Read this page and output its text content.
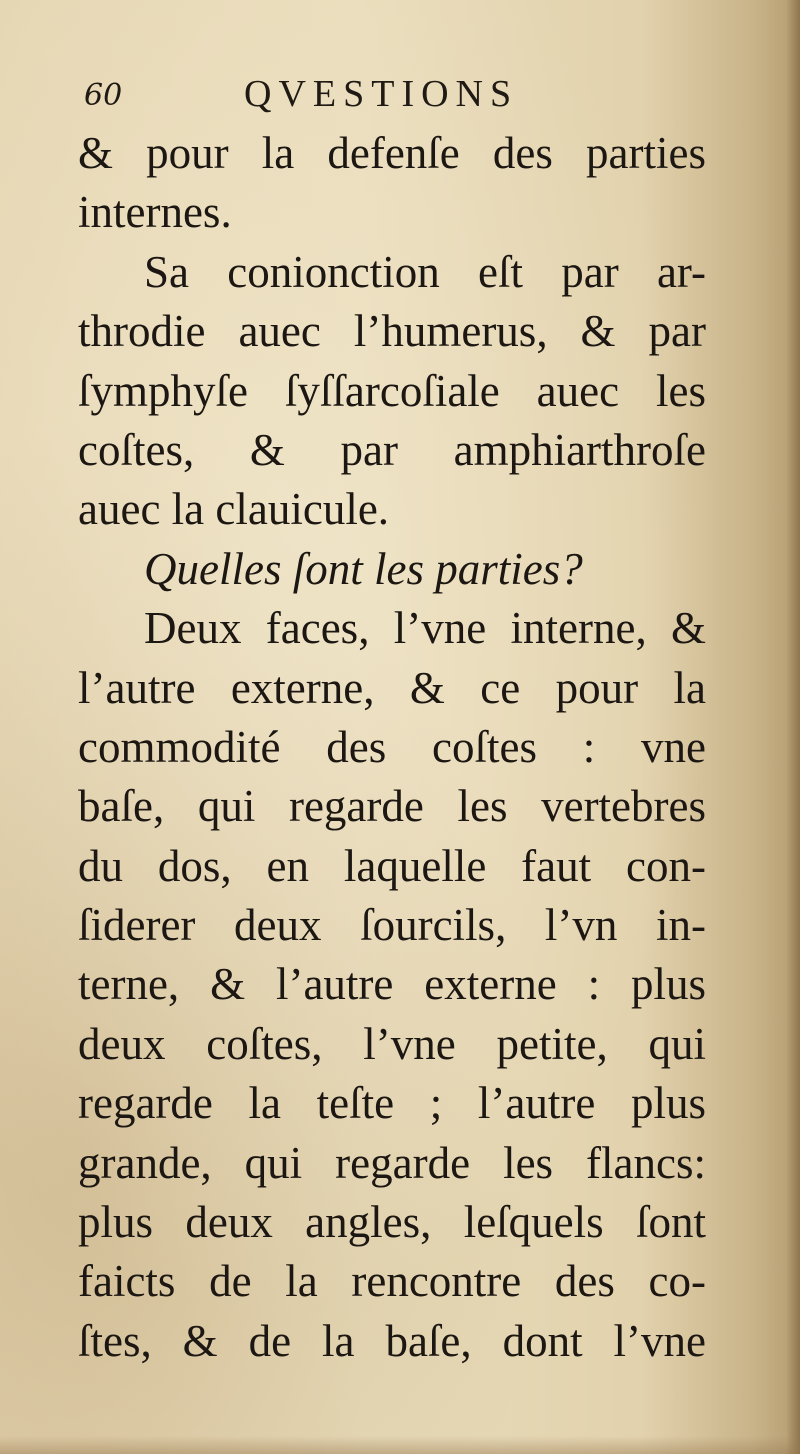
60	QVESTIONS
& pour la defenſe des parties
internes.
Sa conionction eſt par ar-
throdie auec l’humerus, & par
ſymphyſe ſyſſarcoſiale auec les
coſtes, & par amphiarthroſe
auec la clauicule.
Quelles ſont les parties?
Deux faces, l’vne interne, &
l’autre externe, & ce pour la
commodité des coſtes : vne
baſe, qui regarde les vertebres
du dos, en laquelle faut con-
ſiderer deux ſourcils, l’vn in-
terne, & l’autre externe : plus
deux coſtes, l’vne petite, qui
regarde la teſte ; l’autre plus
grande, qui regarde les flancs:
plus deux angles, leſquels ſont
faicts de la rencontre des co-
ſtes, & de la baſe, dont l’vne
